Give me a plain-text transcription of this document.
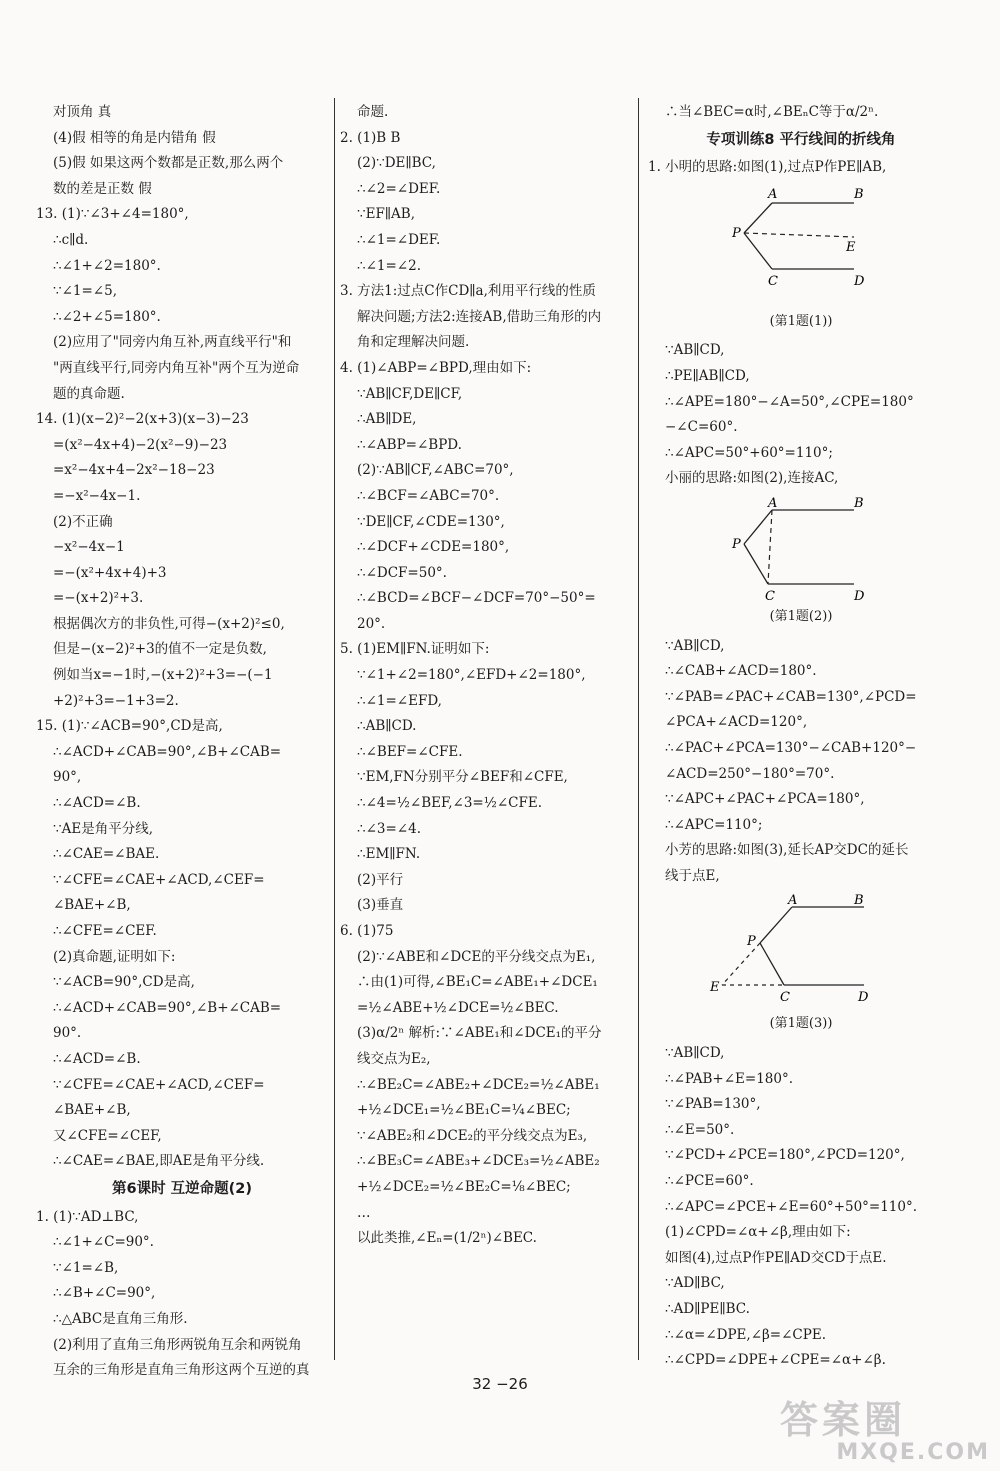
对顶角 真
(4)假 相等的角是内错角 假
(5)假 如果这两个数都是正数,那么两个
数的差是正数 假
13. (1)∵∠3+∠4=180°,
∴c∥d.
∴∠1+∠2=180°.
∵∠1=∠5,
∴∠2+∠5=180°.
(2)应用了"同旁内角互补,两直线平行"和
"两直线平行,同旁内角互补"两个互为逆命
题的真命题.
14. (1)(x−2)²−2(x+3)(x−3)−23
=(x²−4x+4)−2(x²−9)−23
=x²−4x+4−2x²−18−23
=−x²−4x−1.
(2)不正确
−x²−4x−1
=−(x²+4x+4)+3
=−(x+2)²+3.
根据偶次方的非负性,可得−(x+2)²≤0,
但是−(x−2)²+3的值不一定是负数,
例如当x=−1时,−(x+2)²+3=−(−1
+2)²+3=−1+3=2.
15. (1)∵∠ACB=90°,CD是高,
∴∠ACD+∠CAB=90°,∠B+∠CAB=
90°,
∴∠ACD=∠B.
∵AE是角平分线,
∴∠CAE=∠BAE.
∵∠CFE=∠CAE+∠ACD,∠CEF=
∠BAE+∠B,
∴∠CFE=∠CEF.
(2)真命题,证明如下:
∵∠ACB=90°,CD是高,
∴∠ACD+∠CAB=90°,∠B+∠CAB=
90°.
∴∠ACD=∠B.
∵∠CFE=∠CAE+∠ACD,∠CEF=
∠BAE+∠B,
又∠CFE=∠CEF,
∴∠CAE=∠BAE,即AE是角平分线.
第6课时 互逆命题(2)
1. (1)∵AD⊥BC,
∴∠1+∠C=90°.
∵∠1=∠B,
∴∠B+∠C=90°,
∴△ABC是直角三角形.
(2)利用了直角三角形两锐角互余和两锐角
互余的三角形是直角三角形这两个互逆的真
命题.
2. (1)B B
(2)∵DE∥BC,
∴∠2=∠DEF.
∵EF∥AB,
∴∠1=∠DEF.
∴∠1=∠2.
3. 方法1:过点C作CD∥a,利用平行线的性质
解决问题;方法2:连接AB,借助三角形的内
角和定理解决问题.
4. (1)∠ABP=∠BPD,理由如下:
∵AB∥CF,DE∥CF,
∴AB∥DE,
∴∠ABP=∠BPD.
(2)∵AB∥CF,∠ABC=70°,
∴∠BCF=∠ABC=70°.
∵DE∥CF,∠CDE=130°,
∴∠DCF+∠CDE=180°,
∴∠DCF=50°.
∴∠BCD=∠BCF−∠DCF=70°−50°=
20°.
5. (1)EM∥FN.证明如下:
∵∠1+∠2=180°,∠EFD+∠2=180°,
∴∠1=∠EFD,
∴AB∥CD.
∴∠BEF=∠CFE.
∵EM,FN分别平分∠BEF和∠CFE,
∴∠4=½∠BEF,∠3=½∠CFE.
∴∠3=∠4.
∴EM∥FN.
(2)平行
(3)垂直
6. (1)75
(2)∵∠ABE和∠DCE的平分线交点为E₁,
∴由(1)可得,∠BE₁C=∠ABE₁+∠DCE₁
=½∠ABE+½∠DCE=½∠BEC.
(3)α/2ⁿ 解析:∵∠ABE₁和∠DCE₁的平分
线交点为E₂,
∴∠BE₂C=∠ABE₂+∠DCE₂=½∠ABE₁
+½∠DCE₁=½∠BE₁C=¼∠BEC;
∵∠ABE₂和∠DCE₂的平分线交点为E₃,
∴∠BE₃C=∠ABE₃+∠DCE₃=½∠ABE₂
+½∠DCE₂=½∠BE₂C=⅛∠BEC;
…
以此类推,∠Eₙ=(1/2ⁿ)∠BEC.
∴当∠BEC=α时,∠BEₙC等于α/2ⁿ.
专项训练8 平行线间的折线角
1. 小明的思路:如图(1),过点P作PE∥AB,
A	B
P
E
C	D
(第1题(1))
∵AB∥CD,
∴PE∥AB∥CD,
∴∠APE=180°−∠A=50°,∠CPE=180°
−∠C=60°.
∴∠APC=50°+60°=110°;
小丽的思路:如图(2),连接AC,
A	B
P
C	D
(第1题(2))
∵AB∥CD,
∴∠CAB+∠ACD=180°.
∵∠PAB=∠PAC+∠CAB=130°,∠PCD=
∠PCA+∠ACD=120°,
∴∠PAC+∠PCA=130°−∠CAB+120°−
∠ACD=250°−180°=70°.
∵∠APC+∠PAC+∠PCA=180°,
∴∠APC=110°;
小芳的思路:如图(3),延长AP交DC的延长
线于点E,
A	B
P
E
C	D
(第1题(3))
∵AB∥CD,
∴∠PAB+∠E=180°.
∵∠PAB=130°,
∴∠E=50°.
∵∠PCD+∠PCE=180°,∠PCD=120°,
∴∠PCE=60°.
∴∠APC=∠PCE+∠E=60°+50°=110°.
(1)∠CPD=∠α+∠β,理由如下:
如图(4),过点P作PE∥AD交CD于点E.
∵AD∥BC,
∴AD∥PE∥BC.
∴∠α=∠DPE,∠β=∠CPE.
∴∠CPD=∠DPE+∠CPE=∠α+∠β.
32 −26
答案圈
MXQE.COM
